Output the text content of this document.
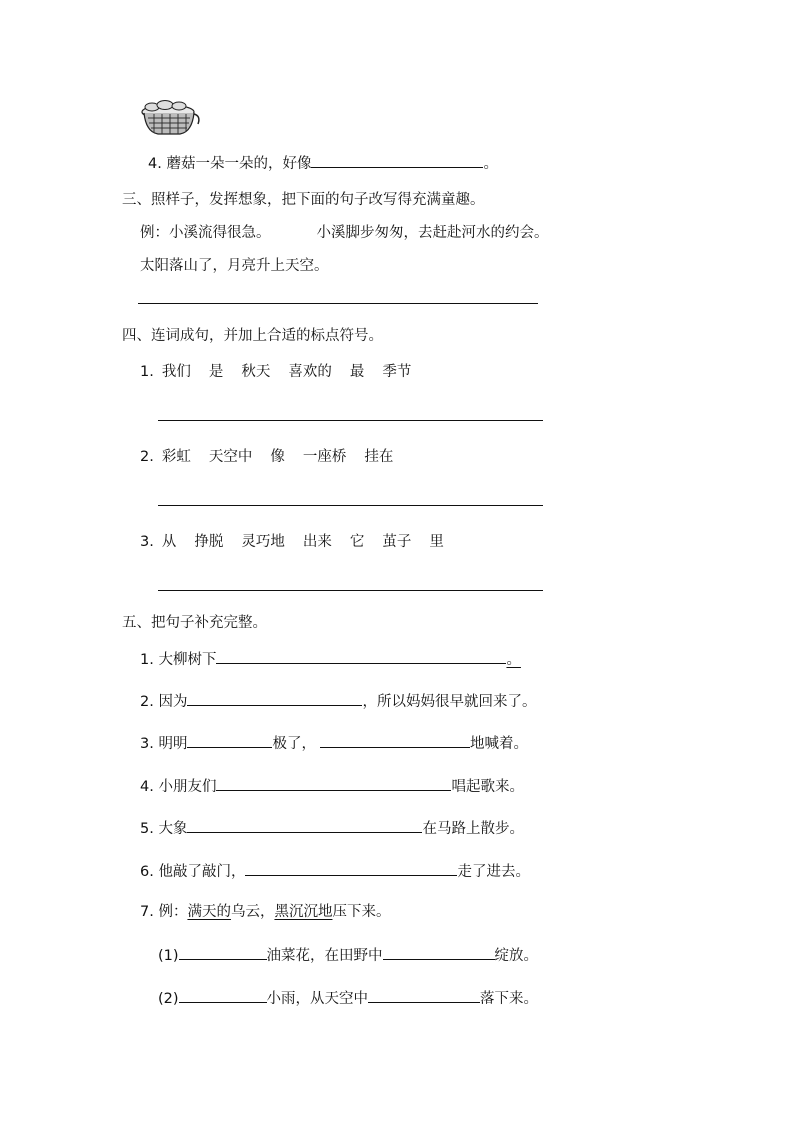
4. 蘑菇一朵一朵的，好像	。
三、照样子，发挥想象，把下面的句子改写得充满童趣。
例：小溪流得很急。	小溪脚步匆匆，去赶赴河水的约会。
太阳落山了，月亮升上天空。
四、连词成句，并加上合适的标点符号。
1. 我们 是 秋天 喜欢的 最 季节
2. 彩虹 天空中 像 一座桥 挂在
3. 从 挣脱 灵巧地 出来 它 茧子 里
五、把句子补充完整。
1. 大柳树下	。
2. 因为	，所以妈妈很早就回来了。
3. 明明	极了，	地喊着。
4. 小朋友们	唱起歌来。
5. 大象	在马路上散步。
6. 他敲了敲门，	走了进去。
7. 例：满天的乌云，黑沉沉地压下来。
(1)	油菜花，在田野中	绽放。
(2)	小雨，从天空中	落下来。
